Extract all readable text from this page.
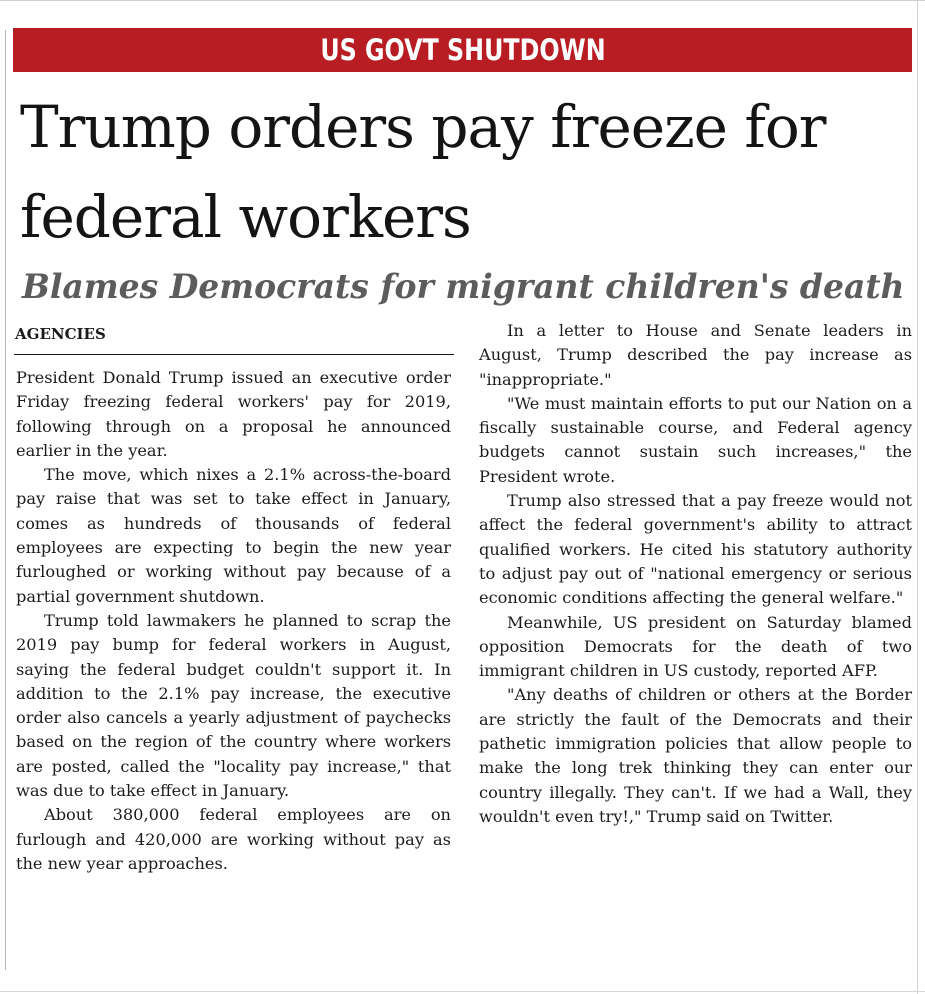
US GOVT SHUTDOWN
Trump orders pay freeze for federal workers
Blames Democrats for migrant children's death
AGENCIES

President Donald Trump issued an executive order Friday freezing federal workers' pay for 2019, following through on a proposal he announced earlier in the year.

The move, which nixes a 2.1% across-the-board pay raise that was set to take effect in January, comes as hundreds of thousands of federal employees are expecting to begin the new year furloughed or working without pay because of a partial government shutdown.

Trump told lawmakers he planned to scrap the 2019 pay bump for federal workers in August, saying the federal budget couldn't support it. In addition to the 2.1% pay increase, the executive order also cancels a yearly adjustment of paychecks based on the region of the country where workers are posted, called the "locality pay increase," that was due to take effect in January.

About 380,000 federal employees are on furlough and 420,000 are working without pay as the new year approaches.

In a letter to House and Senate leaders in August, Trump described the pay increase as "inappropriate."

"We must maintain efforts to put our Nation on a fiscally sustainable course, and Federal agency budgets cannot sustain such increases," the President wrote.

Trump also stressed that a pay freeze would not affect the federal government's ability to attract qualified workers. He cited his statutory authority to adjust pay out of "national emergency or serious economic conditions affecting the general welfare."

Meanwhile, US president on Saturday blamed opposition Democrats for the death of two immigrant children in US custody, reported AFP.

"Any deaths of children or others at the Border are strictly the fault of the Democrats and their pathetic immigration policies that allow people to make the long trek thinking they can enter our country illegally. They can't. If we had a Wall, they wouldn't even try!," Trump said on Twitter.
